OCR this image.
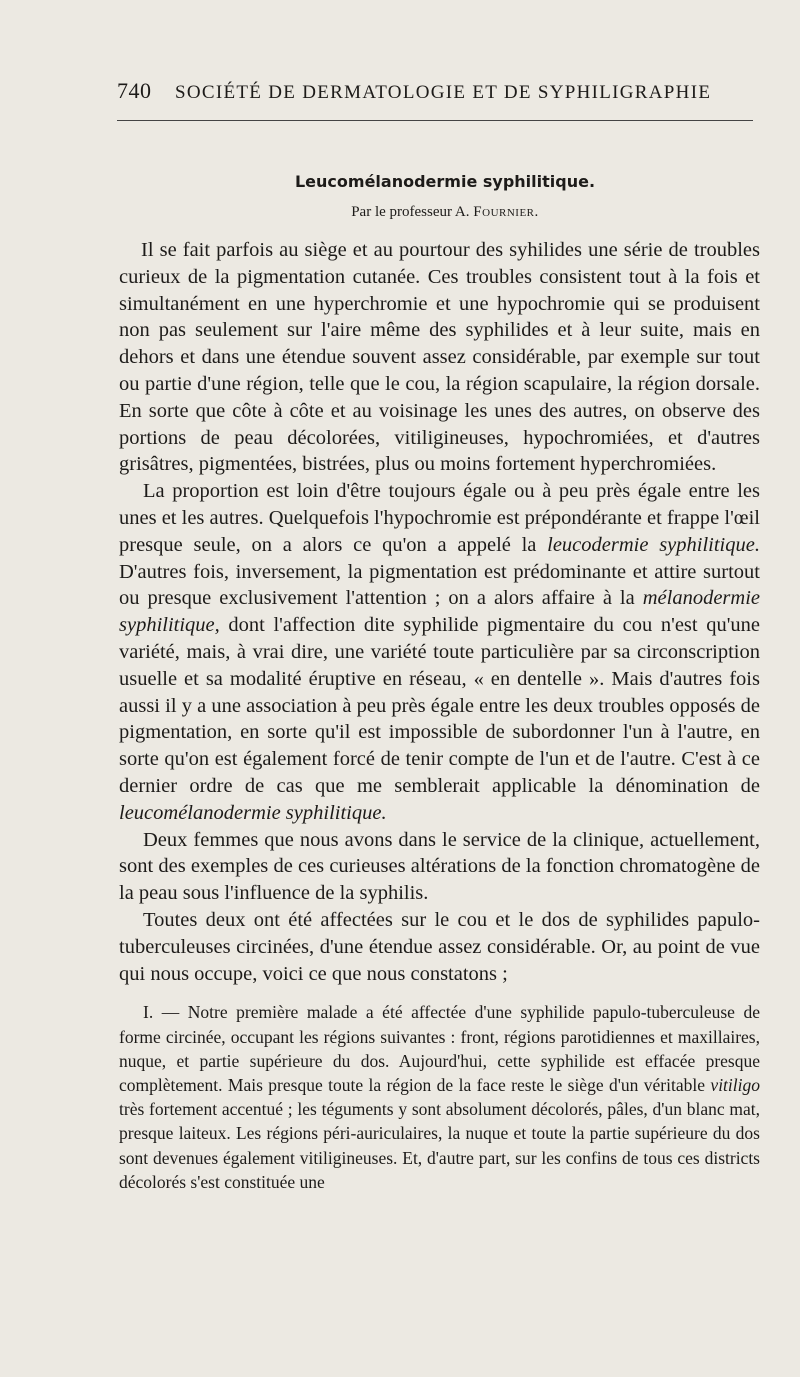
740 SOCIÉTÉ DE DERMATOLOGIE ET DE SYPHILIGRAPHIE
Leucomélanodermie syphilitique.
Par le professeur A. Fournier.

Il se fait parfois au siège et au pourtour des syhilides une série de troubles curieux de la pigmentation cutanée. Ces troubles consistent tout à la fois et simultanément en une hyperchromie et une hypochromie qui se produisent non pas seulement sur l'aire même des syphilides et à leur suite, mais en dehors et dans une étendue souvent assez considérable, par exemple sur tout ou partie d'une région, telle que le cou, la région scapulaire, la région dorsale. En sorte que côte à côte et au voisinage les unes des autres, on observe des portions de peau décolorées, vitiligineuses, hypochromiées, et d'autres grisâtres, pigmentées, bistrées, plus ou moins fortement hyperchromiées.

La proportion est loin d'être toujours égale ou à peu près égale entre les unes et les autres. Quelquefois l'hypochromie est prépondérante et frappe l'œil presque seule, on a alors ce qu'on a appelé la leucodermie syphilitique. D'autres fois, inversement, la pigmentation est prédominante et attire surtout ou presque exclusivement l'attention ; on a alors affaire à la mélanodermie syphilitique, dont l'affection dite syphilide pigmentaire du cou n'est qu'une variété, mais, à vrai dire, une variété toute particulière par sa circonscription usuelle et sa modalité éruptive en réseau, « en dentelle ». Mais d'autres fois aussi il y a une association à peu près égale entre les deux troubles opposés de pigmentation, en sorte qu'il est impossible de subordonner l'un à l'autre, en sorte qu'on est également forcé de tenir compte de l'un et de l'autre. C'est à ce dernier ordre de cas que me semblerait applicable la dénomination de leucomélanodermie syphilitique.

Deux femmes que nous avons dans le service de la clinique, actuellement, sont des exemples de ces curieuses altérations de la fonction chromatogène de la peau sous l'influence de la syphilis.

Toutes deux ont été affectées sur le cou et le dos de syphilides papulo-tuberculeuses circinées, d'une étendue assez considérable. Or, au point de vue qui nous occupe, voici ce que nous constatons ;

I. — Notre première malade a été affectée d'une syphilide papulo-tuberculeuse de forme circinée, occupant les régions suivantes : front, régions parotidiennes et maxillaires, nuque, et partie supérieure du dos. Aujourd'hui, cette syphilide est effacée presque complètement. Mais presque toute la région de la face reste le siège d'un véritable vitiligo très fortement accentué ; les téguments y sont absolument décolorés, pâles, d'un blanc mat, presque laiteux. Les régions péri-auriculaires, la nuque et toute la partie supérieure du dos sont devenues également vitiligineuses. Et, d'autre part, sur les confins de tous ces districts décolorés s'est constituée une
